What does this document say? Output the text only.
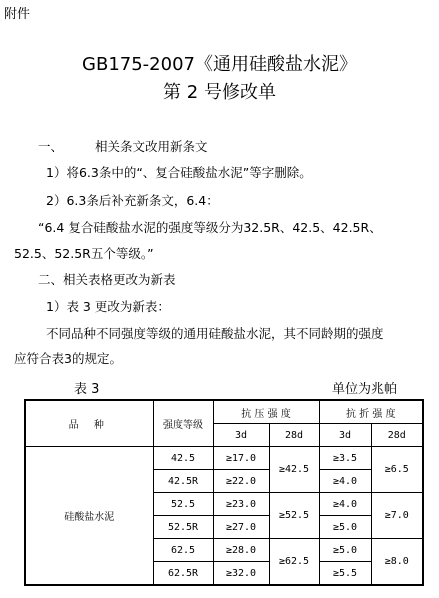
附件
GB175-2007《通用硅酸盐水泥》
第 2 号修改单
一、	相关条文改用新条文
1）将6.3条中的“、复合硅酸盐水泥”等字删除。
2）6.3条后补充新条文，6.4：
“6.4 复合硅酸盐水泥的强度等级分为32.5R、42.5、42.5R、
52.5、52.5R五个等级。”
二、相关表格更改为新表
1）表 3 更改为新表：
不同品种不同强度等级的通用硅酸盐水泥，其不同龄期的强度
应符合表3的规定。
表 3	单位为兆帕
品 种	强度等级	抗 压 强 度		抗 折 强 度	
		3d	28d	3d	28d
硅酸盐水泥	42.5	≥17.0	≥42.5	≥3.5	≥6.5
	42.5R	≥22.0		≥4.0	
	52.5	≥23.0	≥52.5	≥4.0	≥7.0
	52.5R	≥27.0		≥5.0	
	62.5	≥28.0	≥62.5	≥5.0	≥8.0
	62.5R	≥32.0		≥5.5	
